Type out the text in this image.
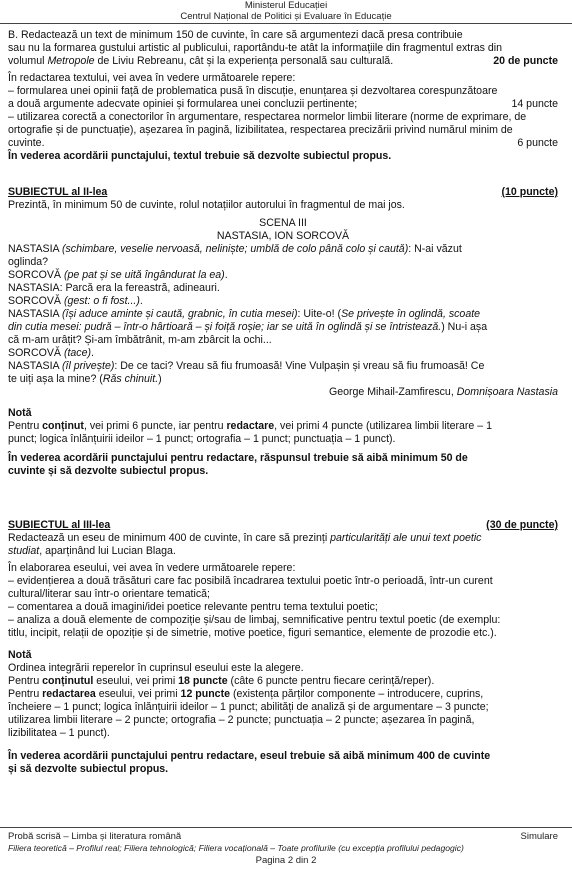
Ministerul Educației
Centrul Național de Politici și Evaluare în Educație
B. Redactează un text de minimum 150 de cuvinte, în care să argumentezi dacă presa contribuie
sau nu la formarea gustului artistic al publicului, raportându-te atât la informațiile din fragmentul extras din
volumul Metropole de Liviu Rebreanu, cât și la experiența personală sau culturală.	20 de puncte
În redactarea textului, vei avea în vedere următoarele repere:
– formularea unei opinii față de problematica pusă în discuție, enunțarea și dezvoltarea corespunzătoare
a două argumente adecvate opiniei și formularea unei concluzii pertinente;	14 puncte
– utilizarea corectă a conectorilor în argumentare, respectarea normelor limbii literare (norme de exprimare, de
ortografie și de punctuație), așezarea în pagină, lizibilitatea, respectarea precizării privind numărul minim de
cuvinte.	6 puncte
În vederea acordării punctajului, textul trebuie să dezvolte subiectul propus.
SUBIECTUL al II-lea	(10 puncte)
Prezintă, în minimum 50 de cuvinte, rolul notațiilor autorului în fragmentul de mai jos.
SCENA III
NASTASIA, ION SORCOVĂ
NASTASIA (schimbare, veselie nervoasă, neliniște; umblă de colo până colo și caută): N-ai văzut
oglinda?
SORCOVĂ (pe pat și se uită îngândurat la ea).
NASTASIA: Parcă era la fereastră, adineauri.
SORCOVĂ (gest: o fi fost...).
NASTASIA (își aduce aminte și caută, grabnic, în cutia mesei): Uite-o! (Se privește în oglindă, scoate
din cutia mesei: pudră – într-o hârtioară – și foiță roșie; iar se uită în oglindă și se întristează.) Nu-i așa
că m-am urâțit? Și-am îmbătrânit, m-am zbârcit la ochi...
SORCOVĂ (tace).
NASTASIA (îl privește): De ce taci? Vreau să fiu frumoasă! Vine Vulpașin și vreau să fiu frumoasă! Ce
te uiți așa la mine? (Răs chinuit.)
George Mihail-Zamfirescu, Domnișoara Nastasia
Notă
Pentru conținut, vei primi 6 puncte, iar pentru redactare, vei primi 4 puncte (utilizarea limbii literare – 1
punct; logica înlănțuirii ideilor – 1 punct; ortografia – 1 punct; punctuația – 1 punct).
În vederea acordării punctajului pentru redactare, răspunsul trebuie să aibă minimum 50 de
cuvinte și să dezvolte subiectul propus.
SUBIECTUL al III-lea	(30 de puncte)
Redactează un eseu de minimum 400 de cuvinte, în care să prezinți particularități ale unui text poetic
studiat, aparținând lui Lucian Blaga.
În elaborarea eseului, vei avea în vedere următoarele repere:
– evidențierea a două trăsături care fac posibilă încadrarea textului poetic într-o perioadă, într-un curent
cultural/literar sau într-o orientare tematică;
– comentarea a două imagini/idei poetice relevante pentru tema textului poetic;
– analiza a două elemente de compoziție și/sau de limbaj, semnificative pentru textul poetic (de exemplu:
titlu, incipit, relații de opoziție și de simetrie, motive poetice, figuri semantice, elemente de prozodie etc.).
Notă
Ordinea integrării reperelor în cuprinsul eseului este la alegere.
Pentru conținutul eseului, vei primi 18 puncte (câte 6 puncte pentru fiecare cerință/reper).
Pentru redactarea eseului, vei primi 12 puncte (existența părților componente – introducere, cuprins,
încheiere – 1 punct; logica înlănțuirii ideilor – 1 punct; abilități de analiză și de argumentare – 3 puncte;
utilizarea limbii literare – 2 puncte; ortografia – 2 puncte; punctuația – 2 puncte; așezarea în pagină,
lizibilitatea – 1 punct).
În vederea acordării punctajului pentru redactare, eseul trebuie să aibă minimum 400 de cuvinte
și să dezvolte subiectul propus.
Probă scrisă – Limba și literatura română	Simulare
Filiera teoretică – Profilul real; Filiera tehnologică; Filiera vocațională – Toate profilurile (cu excepția profilului pedagogic)
Pagina 2 din 2
